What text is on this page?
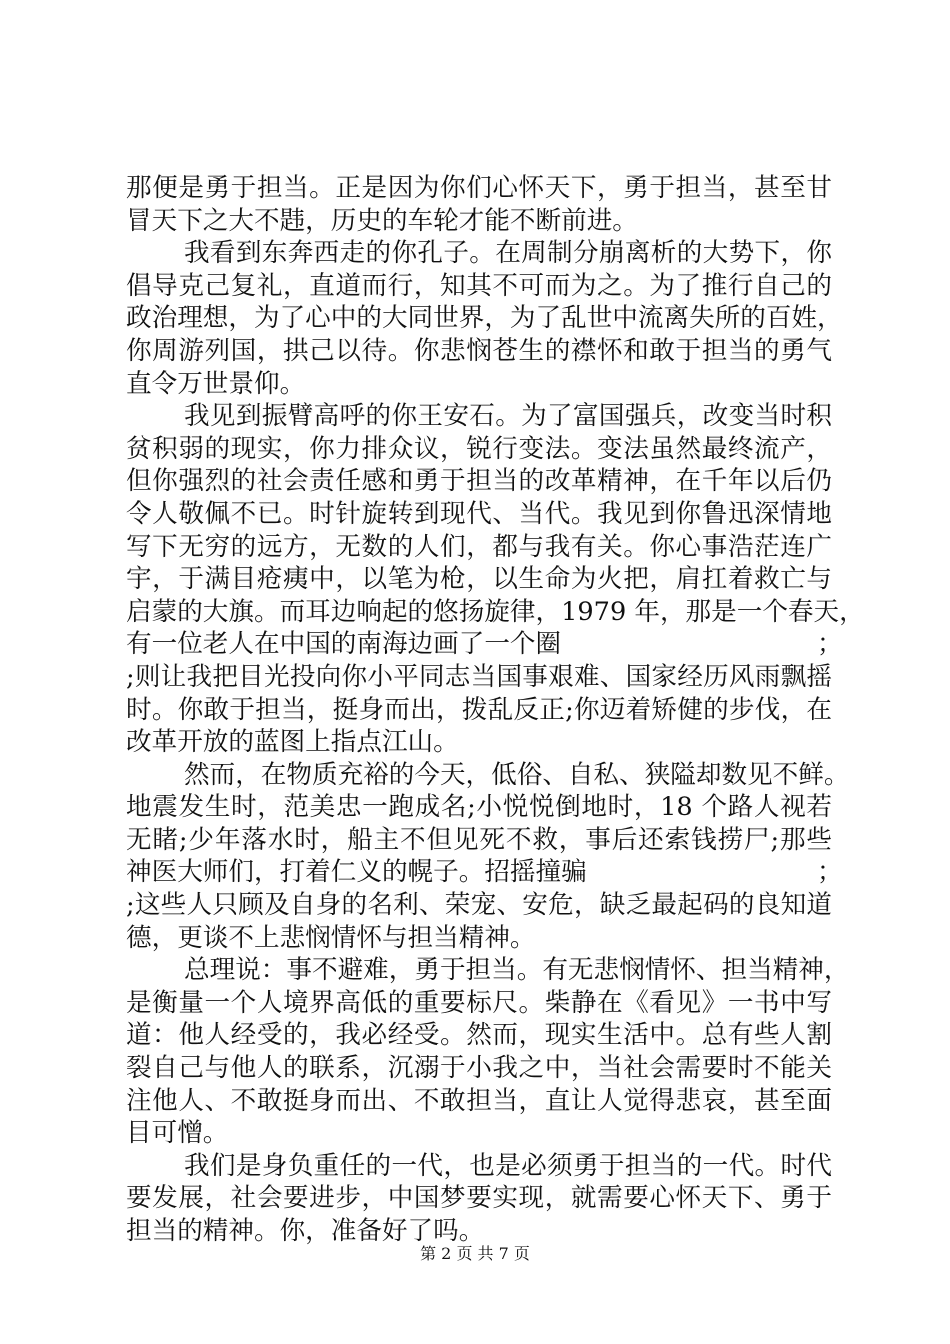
那便是勇于担当。正是因为你们心怀天下，勇于担当，甚至甘
冒天下之大不韪，历史的车轮才能不断前进。
我看到东奔西走的你孔子。在周制分崩离析的大势下，你
倡导克己复礼，直道而行，知其不可而为之。为了推行自己的
政治理想，为了心中的大同世界，为了乱世中流离失所的百姓，
你周游列国，拱己以待。你悲悯苍生的襟怀和敢于担当的勇气
直令万世景仰。
我见到振臂高呼的你王安石。为了富国强兵，改变当时积
贫积弱的现实，你力排众议，锐行变法。变法虽然最终流产，
但你强烈的社会责任感和勇于担当的改革精神，在千年以后仍
令人敬佩不已。时针旋转到现代、当代。我见到你鲁迅深情地
写下无穷的远方，无数的人们，都与我有关。你心事浩茫连广
宇，于满目疮痍中，以笔为枪，以生命为火把，肩扛着救亡与
启蒙的大旗。而耳边响起的悠扬旋律，1979 年，那是一个春天，
有一位老人在中国的南海边画了一个圈　　　　　　　　　　；
;则让我把目光投向你小平同志当国事艰难、国家经历风雨飘摇
时。你敢于担当，挺身而出，拨乱反正;你迈着矫健的步伐，在
改革开放的蓝图上指点江山。
然而，在物质充裕的今天，低俗、自私、狭隘却数见不鲜。
地震发生时，范美忠一跑成名;小悦悦倒地时，18 个路人视若
无睹;少年落水时，船主不但见死不救，事后还索钱捞尸;那些
神医大师们，打着仁义的幌子。招摇撞骗　　　　　　　　　；
;这些人只顾及自身的名利、荣宠、安危，缺乏最起码的良知道
德，更谈不上悲悯情怀与担当精神。
总理说：事不避难，勇于担当。有无悲悯情怀、担当精神，
是衡量一个人境界高低的重要标尺。柴静在《看见》一书中写
道：他人经受的，我必经受。然而，现实生活中。总有些人割
裂自己与他人的联系，沉溺于小我之中，当社会需要时不能关
注他人、不敢挺身而出、不敢担当，直让人觉得悲哀，甚至面
目可憎。
我们是身负重任的一代，也是必须勇于担当的一代。时代
要发展，社会要进步，中国梦要实现，就需要心怀天下、勇于
担当的精神。你，准备好了吗。
第 2 页 共 7 页
